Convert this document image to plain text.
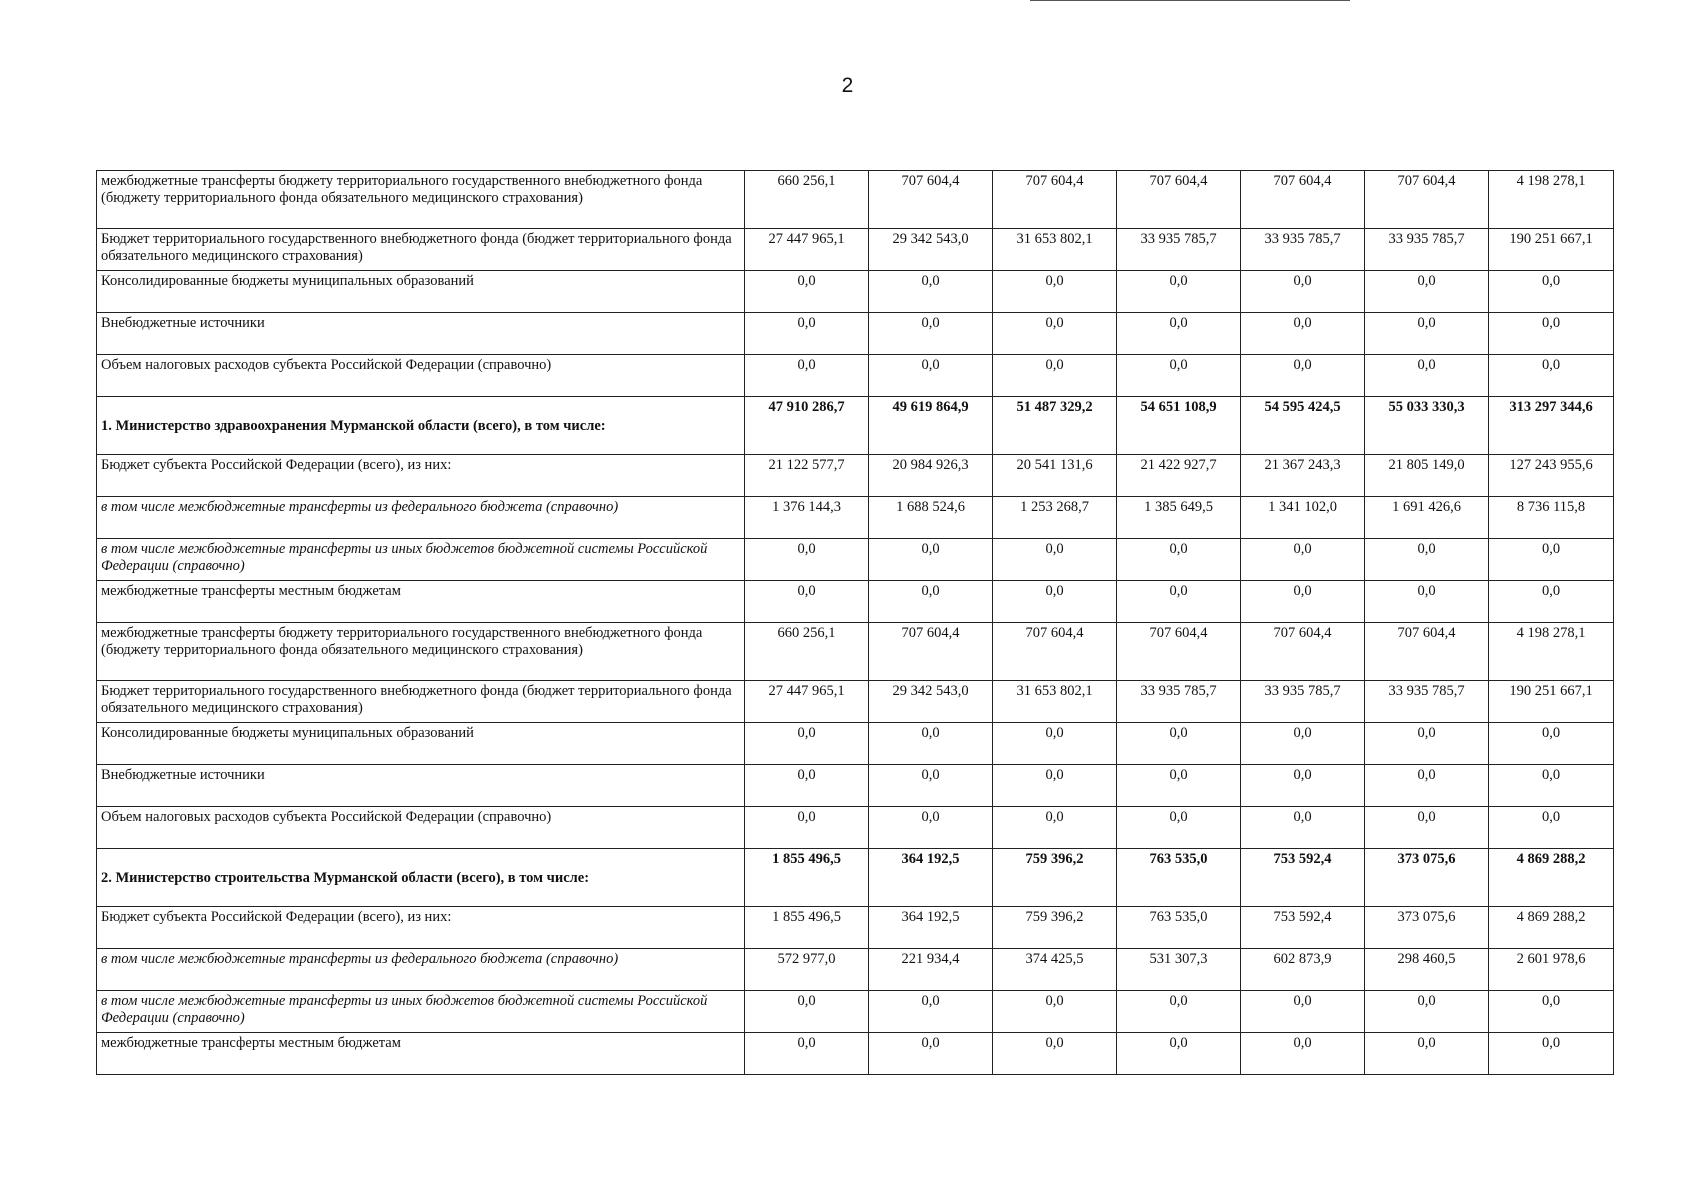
2
межбюджетные трансферты бюджету территориального государственного внебюджетного фонда (бюджету территориального фонда обязательного медицинского страхования)	660 256,1	707 604,4	707 604,4	707 604,4	707 604,4	707 604,4	4 198 278,1
Бюджет территориального государственного внебюджетного фонда (бюджет территориального фонда обязательного медицинского страхования)	27 447 965,1	29 342 543,0	31 653 802,1	33 935 785,7	33 935 785,7	33 935 785,7	190 251 667,1
Консолидированные бюджеты муниципальных образований	0,0	0,0	0,0	0,0	0,0	0,0	0,0
Внебюджетные источники	0,0	0,0	0,0	0,0	0,0	0,0	0,0
Объем налоговых расходов субъекта Российской Федерации (справочно)	0,0	0,0	0,0	0,0	0,0	0,0	0,0
1. Министерство здравоохранения Мурманской области (всего), в том числе:	47 910 286,7	49 619 864,9	51 487 329,2	54 651 108,9	54 595 424,5	55 033 330,3	313 297 344,6
Бюджет субъекта Российской Федерации (всего), из них:	21 122 577,7	20 984 926,3	20 541 131,6	21 422 927,7	21 367 243,3	21 805 149,0	127 243 955,6
в том числе межбюджетные трансферты из федерального бюджета (справочно)	1 376 144,3	1 688 524,6	1 253 268,7	1 385 649,5	1 341 102,0	1 691 426,6	8 736 115,8
в том числе межбюджетные трансферты из иных бюджетов бюджетной системы Российской Федерации (справочно)	0,0	0,0	0,0	0,0	0,0	0,0	0,0
межбюджетные трансферты местным бюджетам	0,0	0,0	0,0	0,0	0,0	0,0	0,0
межбюджетные трансферты бюджету территориального государственного внебюджетного фонда (бюджету территориального фонда обязательного медицинского страхования)	660 256,1	707 604,4	707 604,4	707 604,4	707 604,4	707 604,4	4 198 278,1
Бюджет территориального государственного внебюджетного фонда (бюджет территориального фонда обязательного медицинского страхования)	27 447 965,1	29 342 543,0	31 653 802,1	33 935 785,7	33 935 785,7	33 935 785,7	190 251 667,1
Консолидированные бюджеты муниципальных образований	0,0	0,0	0,0	0,0	0,0	0,0	0,0
Внебюджетные источники	0,0	0,0	0,0	0,0	0,0	0,0	0,0
Объем налоговых расходов субъекта Российской Федерации (справочно)	0,0	0,0	0,0	0,0	0,0	0,0	0,0
2. Министерство строительства Мурманской области (всего), в том числе:	1 855 496,5	364 192,5	759 396,2	763 535,0	753 592,4	373 075,6	4 869 288,2
Бюджет субъекта Российской Федерации (всего), из них:	1 855 496,5	364 192,5	759 396,2	763 535,0	753 592,4	373 075,6	4 869 288,2
в том числе межбюджетные трансферты из федерального бюджета (справочно)	572 977,0	221 934,4	374 425,5	531 307,3	602 873,9	298 460,5	2 601 978,6
в том числе межбюджетные трансферты из иных бюджетов бюджетной системы Российской Федерации (справочно)	0,0	0,0	0,0	0,0	0,0	0,0	0,0
межбюджетные трансферты местным бюджетам	0,0	0,0	0,0	0,0	0,0	0,0	0,0
